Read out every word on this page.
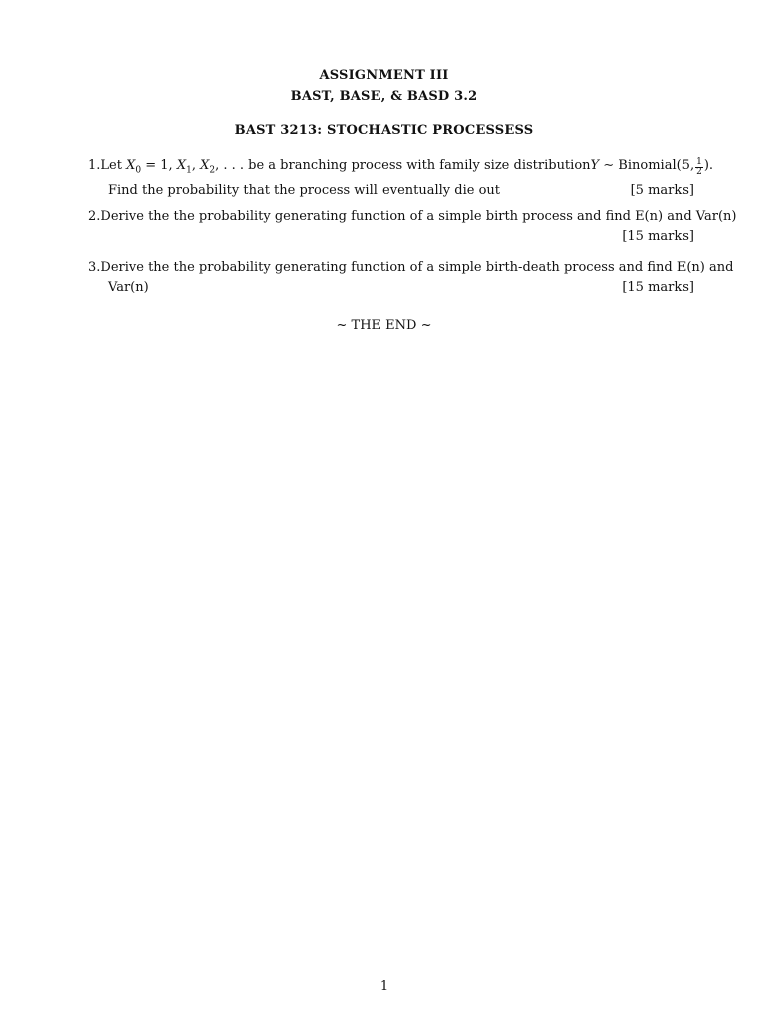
ASSIGNMENT III
BAST, BASE, & BASD 3.2
BAST 3213: STOCHASTIC PROCESSESS
1. Let $X_0 = 1$, $X_1$, $X_2$, . . . be a branching process with family size distribution Y ∼ Binomial(5, $\frac{1}{2}$ ).
Find the probability that the process will eventually die out	[5 marks]
2. Derive the the probability generating function of a simple birth process and find E(n) and Var(n)
[15 marks]
3. Derive the the probability generating function of a simple birth-death process and find E(n) and
Var(n)	[15 marks]
~ THE END ~
1
